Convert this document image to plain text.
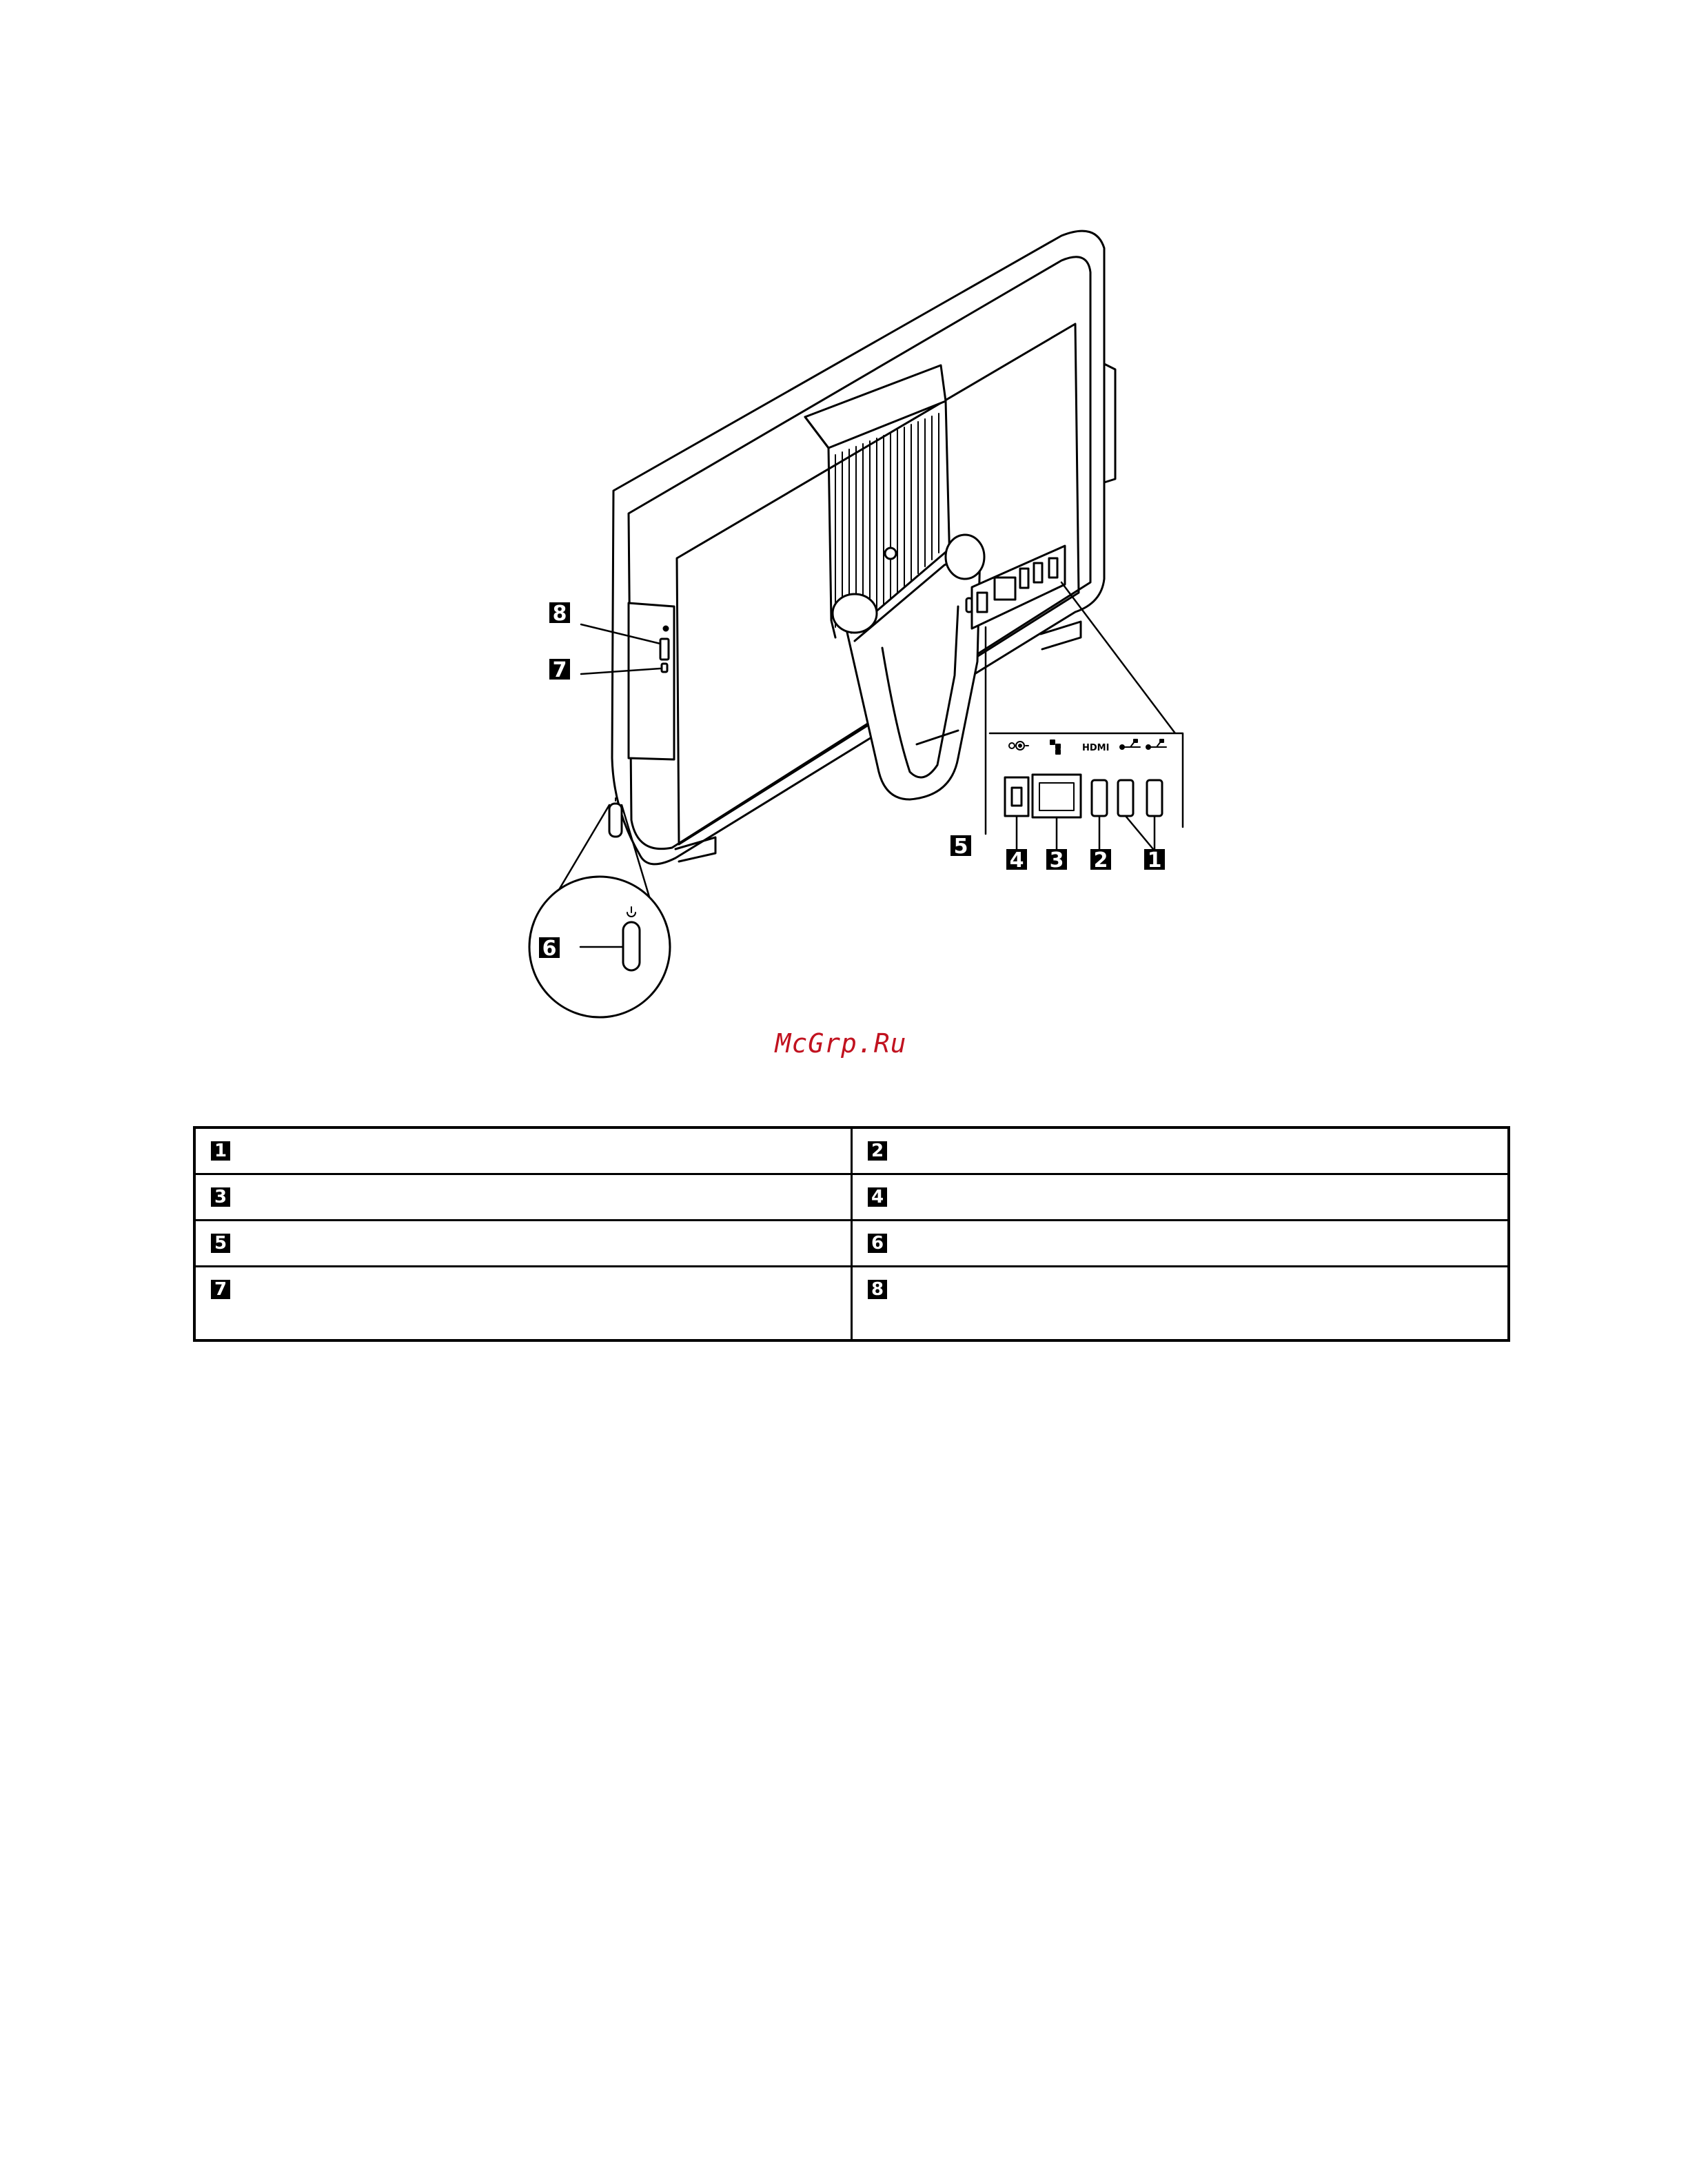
HDMI
5
4 3 2 1
6
7
8
McGrp.Ru
1	2
3	4
5	6
7	8
